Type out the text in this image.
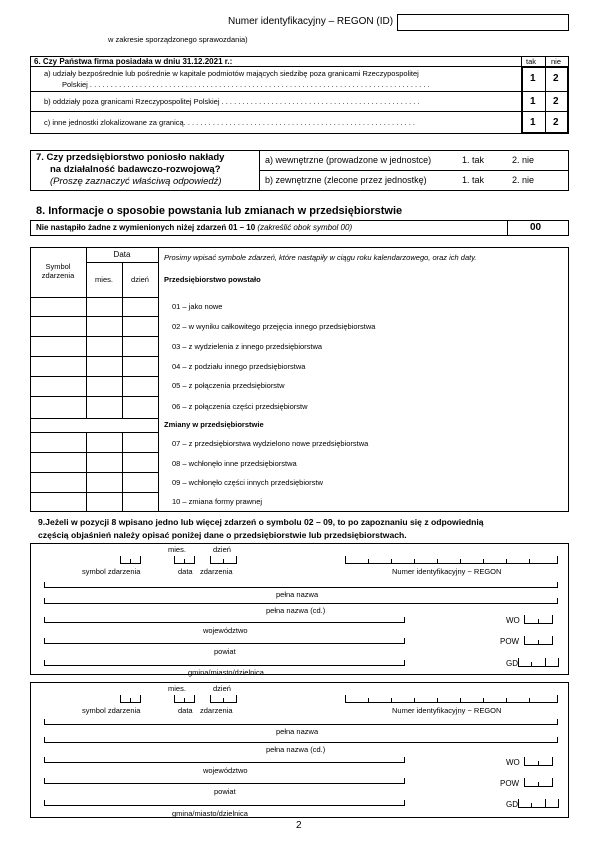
Numer identyfikacyjny – REGON (ID)
w zakresie sporządzonego sprawozdania)
6. Czy Państwa firma posiadała w dniu 31.12.2021 r.:	tak nie
a) udziały bezpośrednie lub pośrednie w kapitale podmiotów mających siedzibę poza granicami Rzeczypospolitej
Polskiej . . . . . . . . . . . . . . . . . . . . . . . . . . . . . . . . . . . . . . . . . . . . . . . . . . . . . . . . . . . . . . . . . . . . . . . . . . . . . . . . . .
1 2
b) oddziały poza granicami Rzeczypospolitej Polskiej . . . . . . . . . . . . . . . . . . . . . . . . . . . . . . . . . . . . . . . . . . . . . . . .	1 2
c) inne jednostki zlokalizowane za granicą. . . . . . . . . . . . . . . . . . . . . . . . . . . . . . . . . . . . . . . . . . . . . . . . . . . . . . . .	1 2
7. Czy przedsiębiorstwo poniosło nakłady
na działalność badawczo-rozwojową?
(Proszę zaznaczyć właściwą odpowiedź)
a) wewnętrzne (prowadzone w jednostce)	1. tak	2. nie
b) zewnętrzne (zlecone przez jednostkę)	1. tak	2. nie
8. Informacje o sposobie powstania lub zmianach w przedsiębiorstwie
Nie nastąpiło żadne z wymienionych niżej zdarzeń 01 – 10 (zakreślić obok symbol 00)	00
Symbol
zdarzenia
Data
mies.	dzień
Prosimy wpisać symbole zdarzeń, które nastąpiły w ciągu roku kalendarzowego, oraz ich daty.
Przedsiębiorstwo powstało
01 – jako nowe
02 – w wyniku całkowitego przejęcia innego przedsiębiorstwa
03 – z wydzielenia z innego przedsiębiorstwa
04 – z podziału innego przedsiębiorstwa
05 – z połączenia przedsiębiorstw
06 – z połączenia części przedsiębiorstw
Zmiany w przedsiębiorstwie
07 – z przedsiębiorstwa wydzielono nowe przedsiębiorstwa
08 – wchłonęło inne przedsiębiorstwa
09 – wchłonęło części innych przedsiębiorstw
10 – zmiana formy prawnej
9.Jeżeli w pozycji 8 wpisano jedno lub więcej zdarzeń o symbolu 02 – 09, to po zapoznaniu się z odpowiednią
częścią objaśnień należy opisać poniżej dane o przedsiębiorstwie lub przedsiębiorstwach.
mies.	dzień
symbol zdarzenia	data zdarzenia	Numer identyfikacyjny − REGON
pełna nazwa
pełna nazwa (cd.)
województwo
powiat
gmina/miasto/dzielnica
WO
POW
GD
mies.	dzień
symbol zdarzenia	data zdarzenia	Numer identyfikacyjny − REGON
pełna nazwa
pełna nazwa (cd.)
województwo
powiat
gmina/miasto/dzielnica
WO
POW
GD
2
